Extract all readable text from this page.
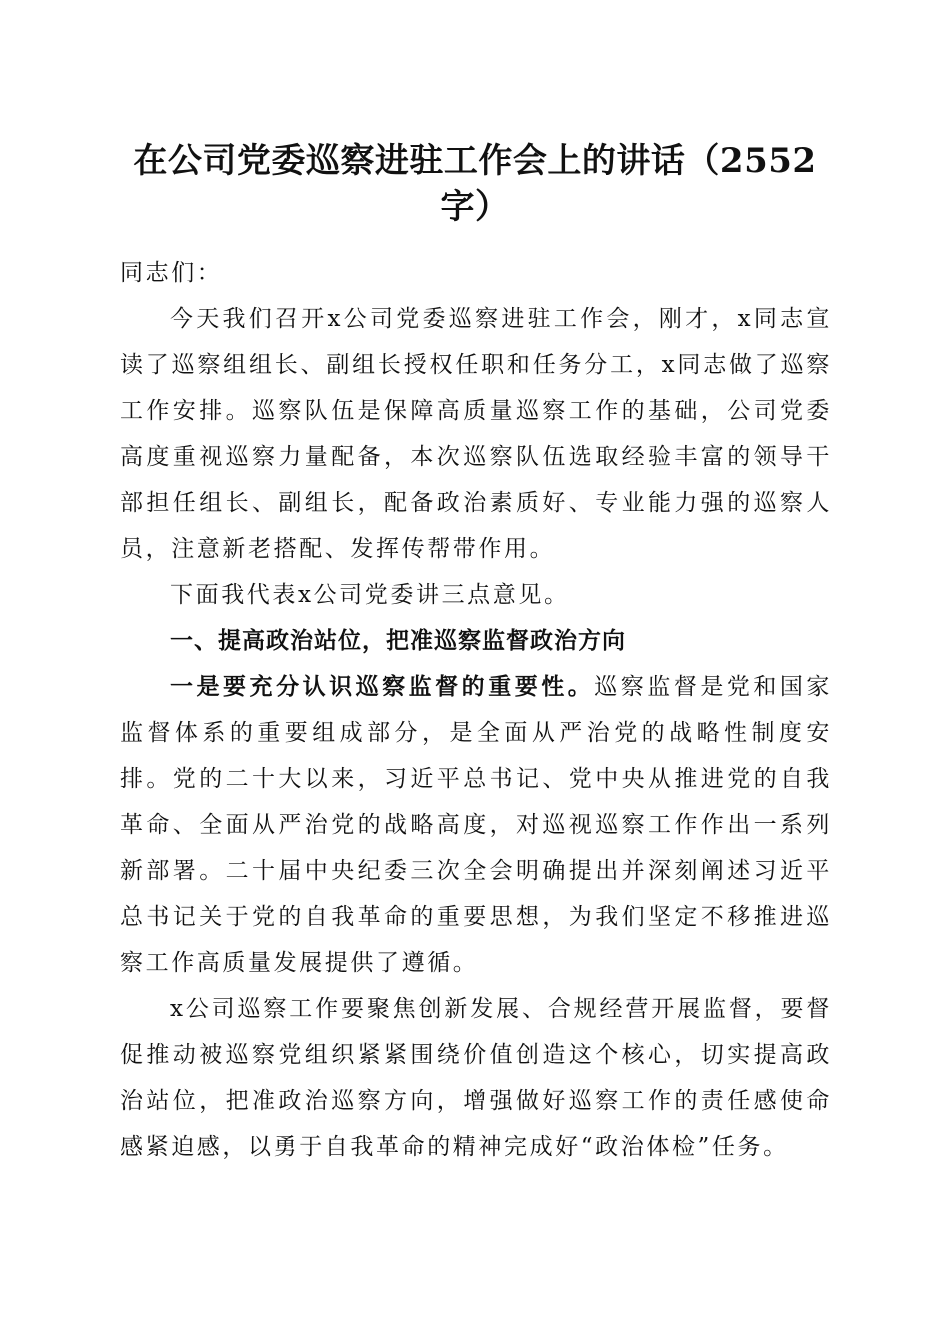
在公司党委巡察进驻工作会上的讲话（2552字）

同志们：

今天我们召开x公司党委巡察进驻工作会，刚才，x同志宣读了巡察组组长、副组长授权任职和任务分工，x同志做了巡察工作安排。巡察队伍是保障高质量巡察工作的基础，公司党委高度重视巡察力量配备，本次巡察队伍选取经验丰富的领导干部担任组长、副组长，配备政治素质好、专业能力强的巡察人员，注意新老搭配、发挥传帮带作用。

下面我代表x公司党委讲三点意见。

一、提高政治站位，把准巡察监督政治方向

一是要充分认识巡察监督的重要性。巡察监督是党和国家监督体系的重要组成部分，是全面从严治党的战略性制度安排。党的二十大以来，习近平总书记、党中央从推进党的自我革命、全面从严治党的战略高度，对巡视巡察工作作出一系列新部署。二十届中央纪委三次全会明确提出并深刻阐述习近平总书记关于党的自我革命的重要思想，为我们坚定不移推进巡察工作高质量发展提供了遵循。

x公司巡察工作要聚焦创新发展、合规经营开展监督，要督促推动被巡察党组织紧紧围绕价值创造这个核心，切实提高政治站位，把准政治巡察方向，增强做好巡察工作的责任感使命感紧迫感，以勇于自我革命的精神完成好“政治体检”任务。
